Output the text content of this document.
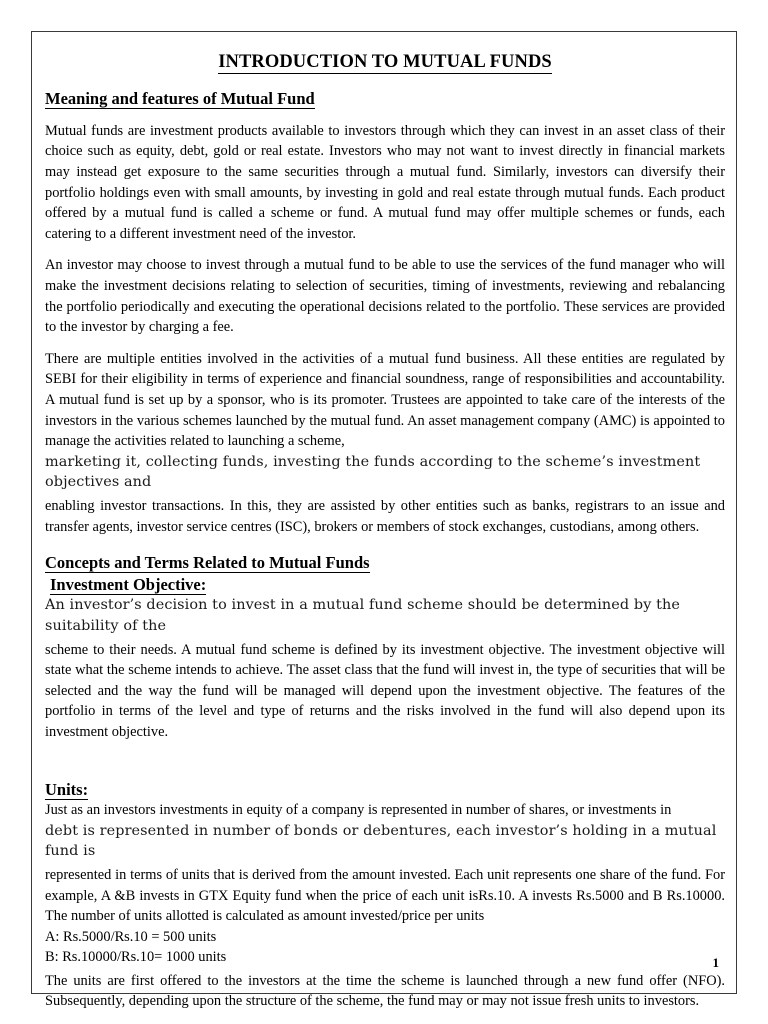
INTRODUCTION TO MUTUAL FUNDS
Meaning and features of Mutual Fund

Mutual funds are investment products available to investors through which they can invest in an asset class of their choice such as equity, debt, gold or real estate. Investors who may not want to invest directly in financial markets may instead get exposure to the same securities through a mutual fund. Similarly, investors can diversify their portfolio holdings even with small amounts, by investing in gold and real estate through mutual funds. Each product offered by a mutual fund is called a scheme or fund. A mutual fund may offer multiple schemes or funds, each catering to a different investment need of the investor.

An investor may choose to invest through a mutual fund to be able to use the services of the fund manager who will make the investment decisions relating to selection of securities, timing of investments, reviewing and rebalancing the portfolio periodically and executing the operational decisions related to the portfolio. These services are provided to the investor by charging a fee.

There are multiple entities involved in the activities of a mutual fund business. All these entities are regulated by SEBI for their eligibility in terms of experience and financial soundness, range of responsibilities and accountability. A mutual fund is set up by a sponsor, who is its promoter. Trustees are appointed to take care of the interests of the investors in the various schemes launched by the mutual fund. An asset management company (AMC) is appointed to manage the activities related to launching a scheme,

marketing it, collecting funds, investing the funds according to the scheme’s investment objectives and

enabling investor transactions. In this, they are assisted by other entities such as banks, registrars to an issue and transfer agents, investor service centres (ISC), brokers or members of stock exchanges, custodians, among others.

Concepts and Terms Related to Mutual Funds
Investment Objective:

An investor’s decision to invest in a mutual fund scheme should be determined by the suitability of the

scheme to their needs. A mutual fund scheme is defined by its investment objective. The investment objective will state what the scheme intends to achieve. The asset class that the fund will invest in, the type of securities that will be selected and the way the fund will be managed will depend upon the investment objective. The features of the portfolio in terms of the level and type of returns and the risks involved in the fund will also depend upon its investment objective.

Units:

Just as an investors investments in equity of a company is represented in number of shares, or investments in

debt is represented in number of bonds or debentures, each investor’s holding in a mutual fund is

represented in terms of units that is derived from the amount invested. Each unit represents one share of the fund. For example, A &B invests in GTX Equity fund when the price of each unit isRs.10. A invests Rs.5000 and B Rs.10000. The number of units allotted is calculated as amount invested/price per units

A: Rs.5000/Rs.10 = 500 units

B: Rs.10000/Rs.10= 1000 units

The units are first offered to the investors at the time the scheme is launched through a new fund offer (NFO). Subsequently, depending upon the structure of the scheme, the fund may or may not issue fresh units to investors.

1
